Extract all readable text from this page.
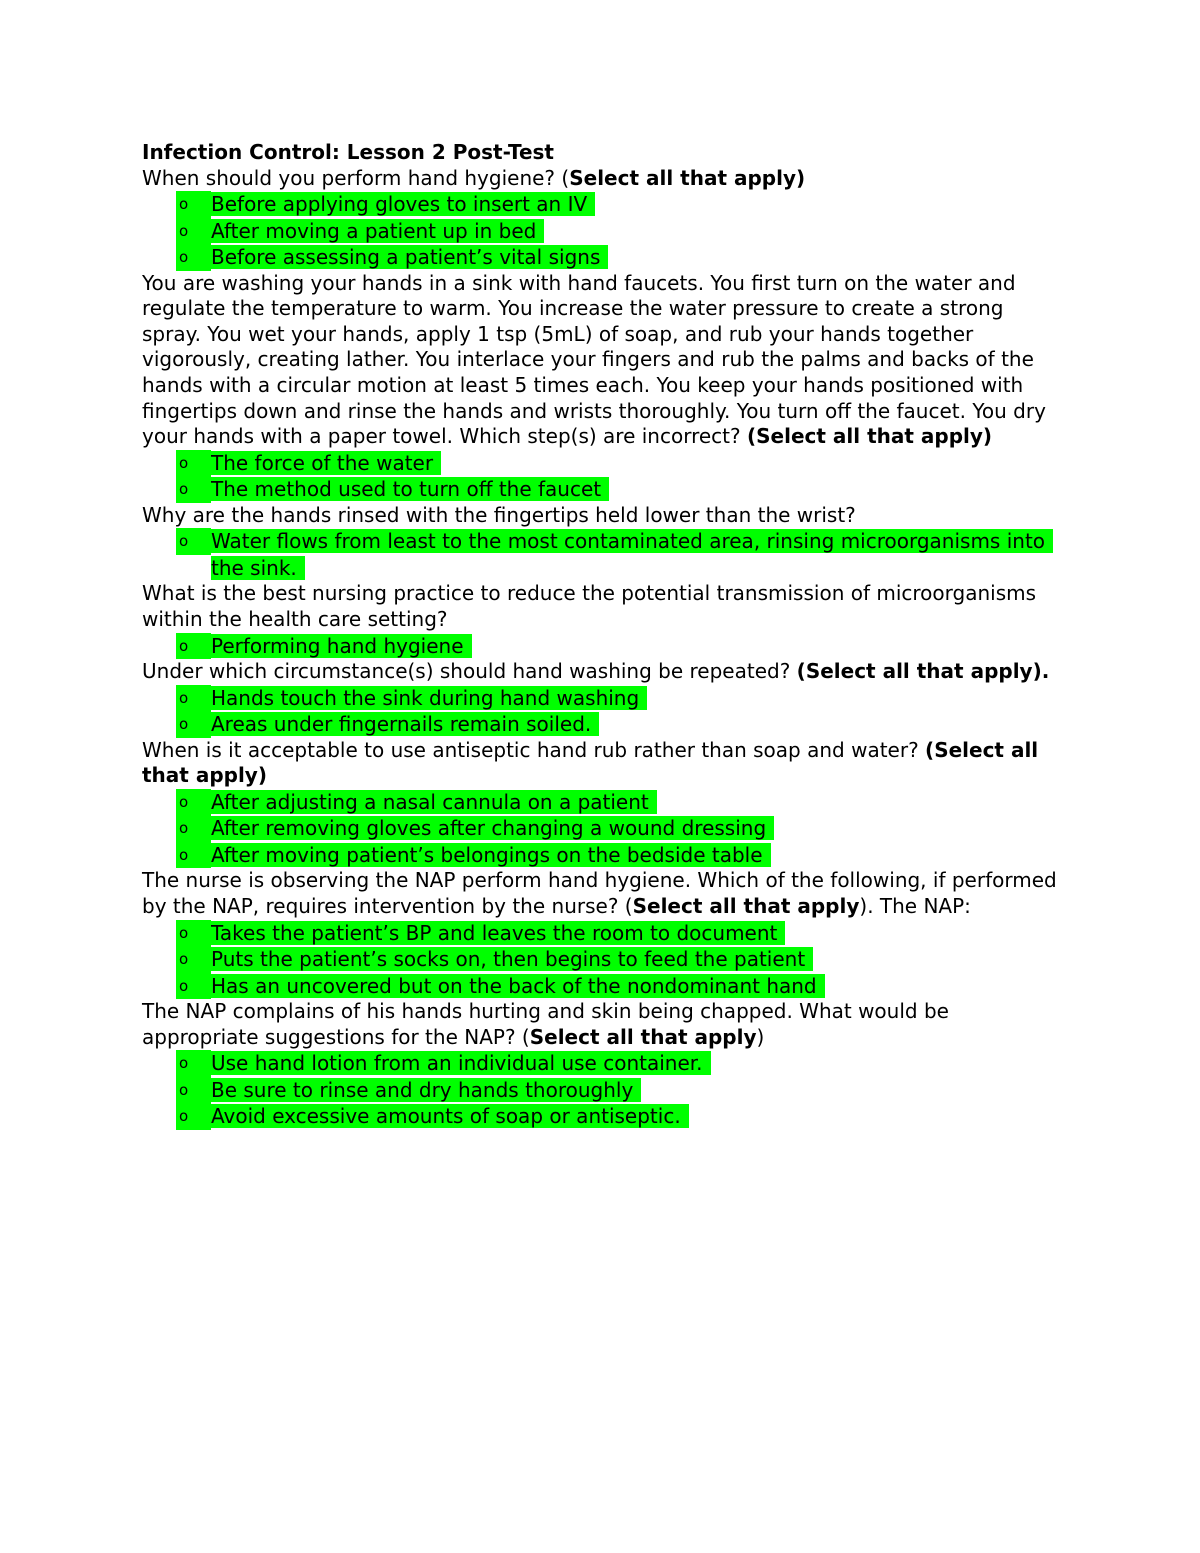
Infection Control: Lesson 2 Post-Test

When should you perform hand hygiene? (Select all that apply)

o	Before applying gloves to insert an IV
o	After moving a patient up in bed
o	Before assessing a patient’s vital signs

You are washing your hands in a sink with hand faucets. You first turn on the water and regulate the temperature to warm. You increase the water pressure to create a strong spray. You wet your hands, apply 1 tsp (5mL) of soap, and rub your hands together vigorously, creating lather. You interlace your fingers and rub the palms and backs of the hands with a circular motion at least 5 times each. You keep your hands positioned with fingertips down and rinse the hands and wrists thoroughly. You turn off the faucet. You dry your hands with a paper towel. Which step(s) are incorrect? (Select all that apply)

o	The force of the water
o	The method used to turn off the faucet

Why are the hands rinsed with the fingertips held lower than the wrist?

o	Water flows from least to the most contaminated area, rinsing microorganisms into the sink.

What is the best nursing practice to reduce the potential transmission of microorganisms within the health care setting?

o	Performing hand hygiene

Under which circumstance(s) should hand washing be repeated? (Select all that apply).

o	Hands touch the sink during hand washing
o	Areas under fingernails remain soiled.

When is it acceptable to use antiseptic hand rub rather than soap and water? (Select all that apply)

o	After adjusting a nasal cannula on a patient
o	After removing gloves after changing a wound dressing
o	After moving patient’s belongings on the bedside table

The nurse is observing the NAP perform hand hygiene. Which of the following, if performed by the NAP, requires intervention by the nurse? (Select all that apply). The NAP:

o	Takes the patient’s BP and leaves the room to document
o	Puts the patient’s socks on, then begins to feed the patient
o	Has an uncovered but on the back of the nondominant hand

The NAP complains of his hands hurting and skin being chapped. What would be appropriate suggestions for the NAP? (Select all that apply)

o	Use hand lotion from an individual use container.
o	Be sure to rinse and dry hands thoroughly
o	Avoid excessive amounts of soap or antiseptic.
